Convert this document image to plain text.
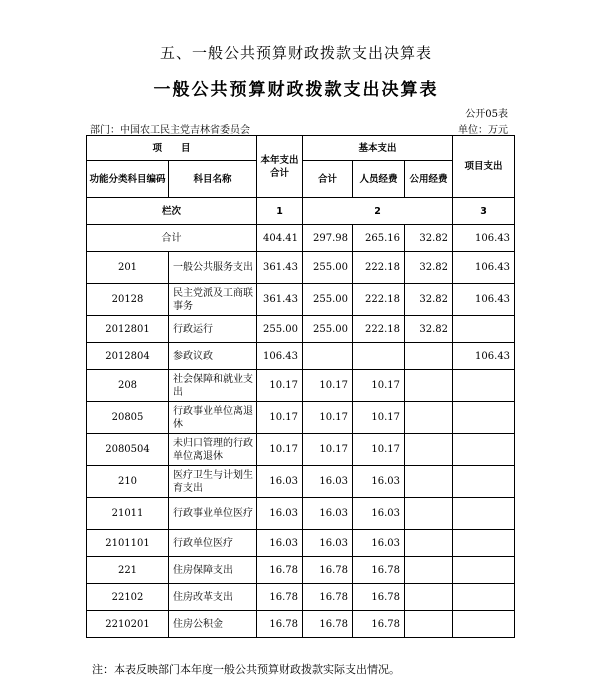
五、一般公共预算财政拨款支出决算表
一般公共预算财政拨款支出决算表
公开05表
部门：中国农工民主党吉林省委员会	单位：万元
项　　目		本年支出合计	基本支出			项目支出
功能分类科目编码	科目名称		合计	人员经费	公用经费	
栏次		1	2			3
合计		404.41	297.98	265.16	32.82	106.43
201	一般公共服务支出	361.43	255.00	222.18	32.82	106.43
20128	民主党派及工商联事务	361.43	255.00	222.18	32.82	106.43
2012801	行政运行	255.00	255.00	222.18	32.82	
2012804	参政议政	106.43				106.43
208	社会保障和就业支出	10.17	10.17	10.17		
20805	行政事业单位离退休	10.17	10.17	10.17		
2080504	未归口管理的行政单位离退休	10.17	10.17	10.17		
210	医疗卫生与计划生育支出	16.03	16.03	16.03		
21011	行政事业单位医疗	16.03	16.03	16.03		
2101101	行政单位医疗	16.03	16.03	16.03		
221	住房保障支出	16.78	16.78	16.78		
22102	住房改革支出	16.78	16.78	16.78		
2210201	住房公积金	16.78	16.78	16.78		
注：本表反映部门本年度一般公共预算财政拨款实际支出情况。
